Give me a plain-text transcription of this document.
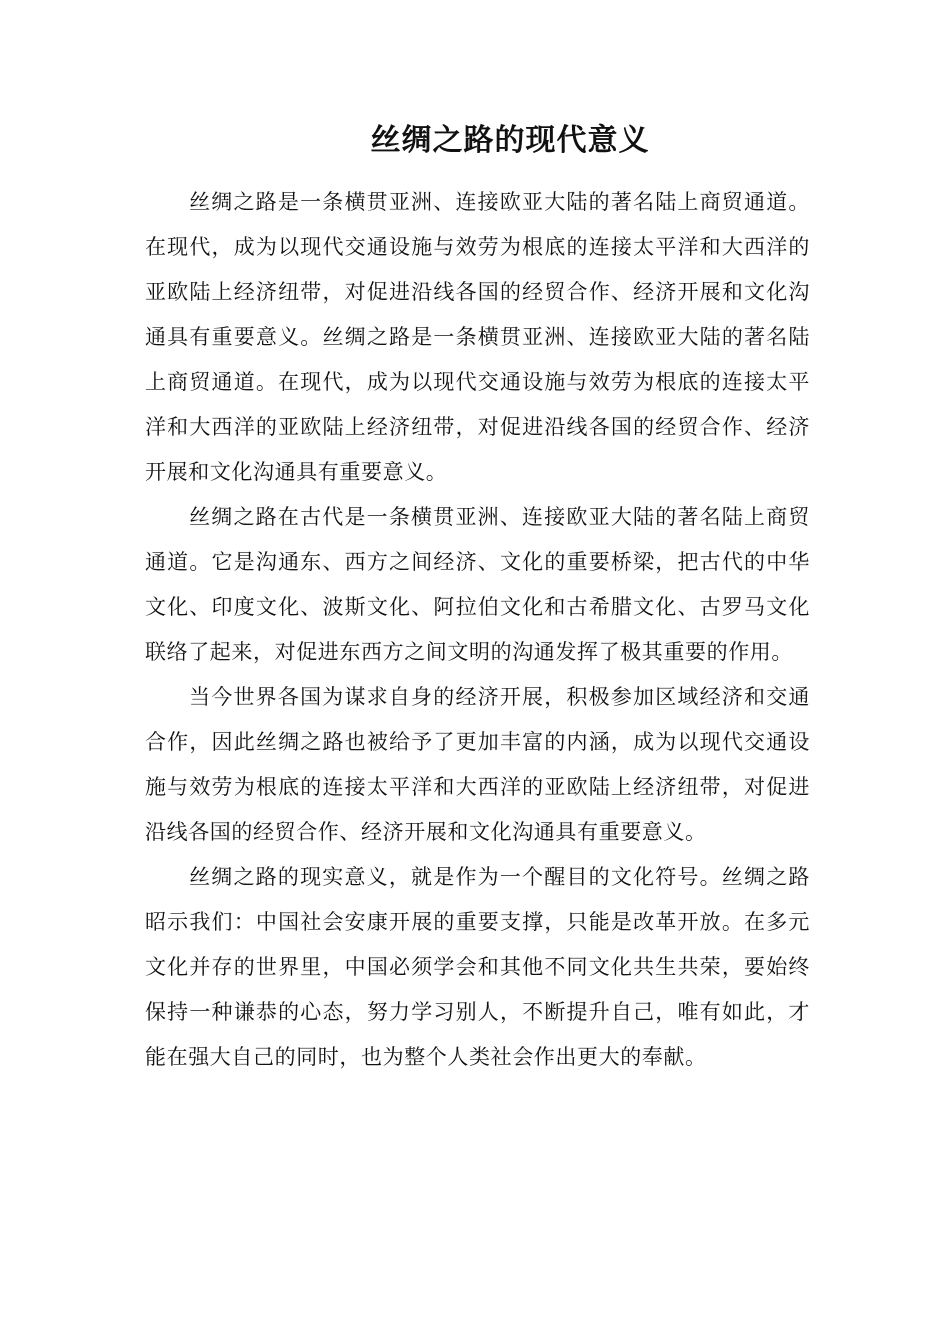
丝绸之路的现代意义

丝绸之路是一条横贯亚洲、连接欧亚大陆的著名陆上商贸通道。在现代，成为以现代交通设施与效劳为根底的连接太平洋和大西洋的亚欧陆上经济纽带，对促进沿线各国的经贸合作、经济开展和文化沟通具有重要意义。丝绸之路是一条横贯亚洲、连接欧亚大陆的著名陆上商贸通道。在现代，成为以现代交通设施与效劳为根底的连接太平洋和大西洋的亚欧陆上经济纽带，对促进沿线各国的经贸合作、经济开展和文化沟通具有重要意义。

丝绸之路在古代是一条横贯亚洲、连接欧亚大陆的著名陆上商贸通道。它是沟通东、西方之间经济、文化的重要桥梁，把古代的中华文化、印度文化、波斯文化、阿拉伯文化和古希腊文化、古罗马文化联络了起来，对促进东西方之间文明的沟通发挥了极其重要的作用。

当今世界各国为谋求自身的经济开展，积极参加区域经济和交通合作，因此丝绸之路也被给予了更加丰富的内涵，成为以现代交通设施与效劳为根底的连接太平洋和大西洋的亚欧陆上经济纽带，对促进沿线各国的经贸合作、经济开展和文化沟通具有重要意义。

丝绸之路的现实意义，就是作为一个醒目的文化符号。丝绸之路昭示我们：中国社会安康开展的重要支撑，只能是改革开放。在多元文化并存的世界里，中国必须学会和其他不同文化共生共荣，要始终保持一种谦恭的心态，努力学习别人，不断提升自己，唯有如此，才能在强大自己的同时，也为整个人类社会作出更大的奉献。
